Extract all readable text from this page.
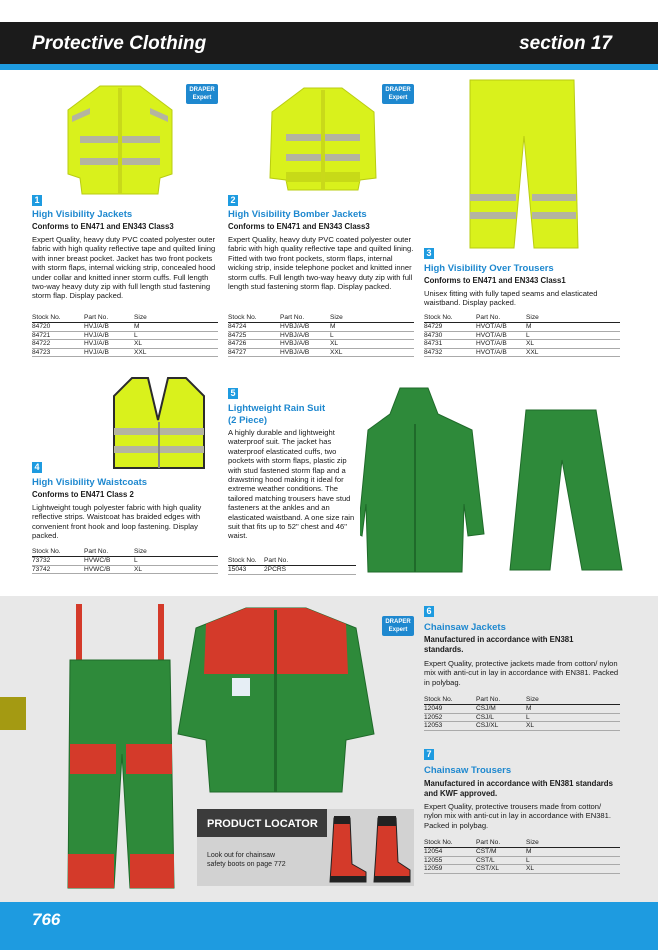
Protective Clothing	section 17
DRAPER Expert
DRAPER Expert
DRAPER Expert
1
High Visibility Jackets
Conforms to EN471 and EN343 Class3
Expert Quality, heavy duty PVC coated polyester outer fabric with high quality reflective tape and quilted lining with inner breast pocket. Jacket has two front pockets with storm flaps, internal wicking strip, concealed hood under collar and knitted inner storm cuffs. Full length two-way heavy duty zip with full length stud fastening storm flap. Display packed.
Stock No.	Part No.	Size
84720	HVJ/A/B	M
84721	HVJ/A/B	L
84722	HVJ/A/B	XL
84723	HVJ/A/B	XXL
2
High Visibility Bomber Jackets
Conforms to EN471 and EN343 Class3
Expert Quality, heavy duty PVC coated polyester outer fabric with high quality reflective tape and quilted lining. Fitted with two front pockets, storm flaps, internal wicking strip, inside telephone pocket and knitted inner storm cuffs. Full length two-way heavy duty zip with full length stud fastening storm flap. Display packed.
Stock No.	Part No.	Size
84724	HVBJ/A/B	M
84725	HVBJ/A/B	L
84726	HVBJ/A/B	XL
84727	HVBJ/A/B	XXL
3
High Visibility Over Trousers
Conforms to EN471 and EN343 Class1
Unisex fitting with fully taped seams and elasticated waistband. Display packed.
Stock No.	Part No.	Size
84729	HVOT/A/B	M
84730	HVOT/A/B	L
84731	HVOT/A/B	XL
84732	HVOT/A/B	XXL
4
High Visibility Waistcoats
Conforms to EN471 Class 2
Lightweight tough polyester fabric with high quality reflective strips. Waistcoat has braided edges with convenient front hook and loop fastening. Display packed.
Stock No.	Part No.	Size
73732	HVWC/B	L
73742	HVWC/B	XL
5
Lightweight Rain Suit
(2 Piece)
A highly durable and lightweight waterproof suit. The jacket has waterproof elasticated cuffs, two pockets with storm flaps, plastic zip with stud fastened storm flap and a drawstring hood making it ideal for extreme weather conditions. The tailored matching trousers have stud fasteners at the ankles and an elasticated waistband. A one size rain suit that fits up to 52" chest and 46" waist.
Stock No.	Part No.	
15043	2PCRS	
6
Chainsaw Jackets
Manufactured in accordance with EN381 standards.
Expert Quality, protective jackets made from cotton/ nylon mix with anti-cut in lay in accordance with EN381. Packed in polybag.
Stock No.	Part No.	Size
12049	CSJ/M	M
12052	CSJ/L	L
12053	CSJ/XL	XL
7
Chainsaw Trousers
Manufactured in accordance with EN381 standards and KWF approved.
Expert Quality, protective trousers made from cotton/ nylon mix with anti-cut in lay in accordance with EN381. Packed in polybag.
Stock No.	Part No.	Size
12054	CST/M	M
12055	CST/L	L
12059	CST/XL	XL
PRODUCT LOCATOR
Look out for chainsaw safety boots on page 772
766
